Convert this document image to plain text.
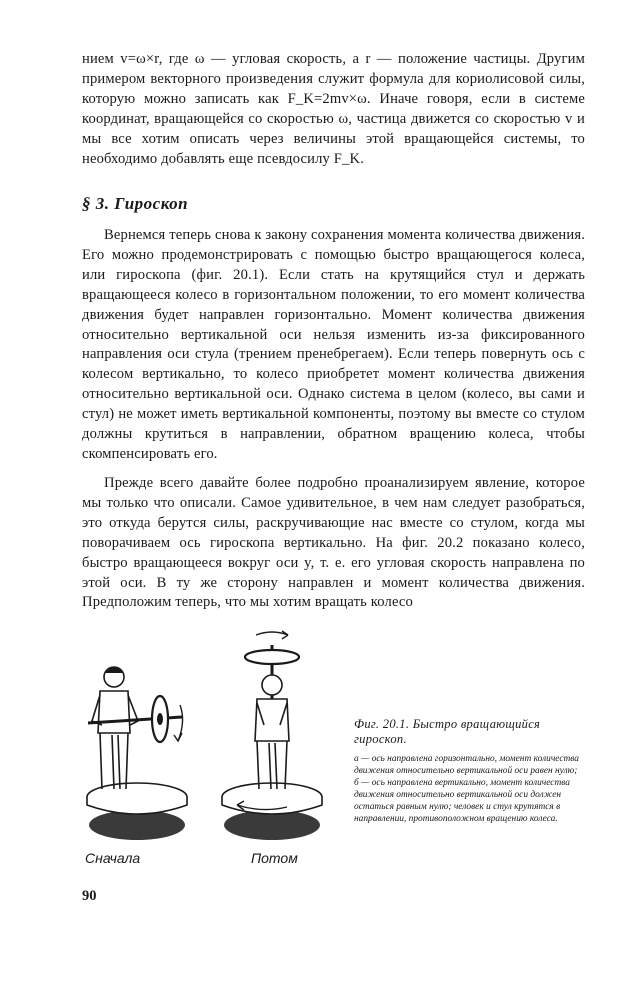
нием v=ω×r, где ω — угловая скорость, а r — положение частицы. Другим примером векторного произведения служит формула для кориолисовой силы, которую можно записать как F_K=2mv×ω. Иначе говоря, если в системе координат, вращающейся со скоростью ω, частица движется со скоростью v и мы все хотим описать через величины этой вращающейся системы, то необходимо добавлять еще псевдосилу F_K.

§ 3. Гироскоп

Вернемся теперь снова к закону сохранения момента количества движения. Его можно продемонстрировать с помощью быстро вращающегося колеса, или гироскопа (фиг. 20.1). Если стать на крутящийся стул и держать вращающееся колесо в горизонтальном положении, то его момент количества движения будет направлен горизонтально. Момент количества движения относительно вертикальной оси нельзя изменить из-за фиксированного направления оси стула (трением пренебрегаем). Если теперь повернуть ось с колесом вертикально, то колесо приобретет момент количества движения относительно вертикальной оси. Однако система в целом (колесо, вы сами и стул) не может иметь вертикальной компоненты, поэтому вы вместе со стулом должны крутиться в направлении, обратном вращению колеса, чтобы скомпенсировать его.

Прежде всего давайте более подробно проанализируем явление, которое мы только что описали. Самое удивительное, в чем нам следует разобраться, это откуда берутся силы, раскручивающие нас вместе со стулом, когда мы поворачиваем ось гироскопа вертикально. На фиг. 20.2 показано колесо, быстро вращающееся вокруг оси y, т. е. его угловая скорость направлена по этой оси. В ту же сторону направлен и момент количества движения. Предположим теперь, что мы хотим вращать колесо

Сначала	Потом
Фиг. 20.1. Быстро вращающийся гироскоп.
а — ось направлена горизонтально, момент количества движения относительно вертикальной оси равен нулю; б — ось направлена вертикально, момент количества движения относительно вертикальной оси должен остаться равным нулю; человек и стул крутятся в направлении, противоположном вращению колеса.
90
